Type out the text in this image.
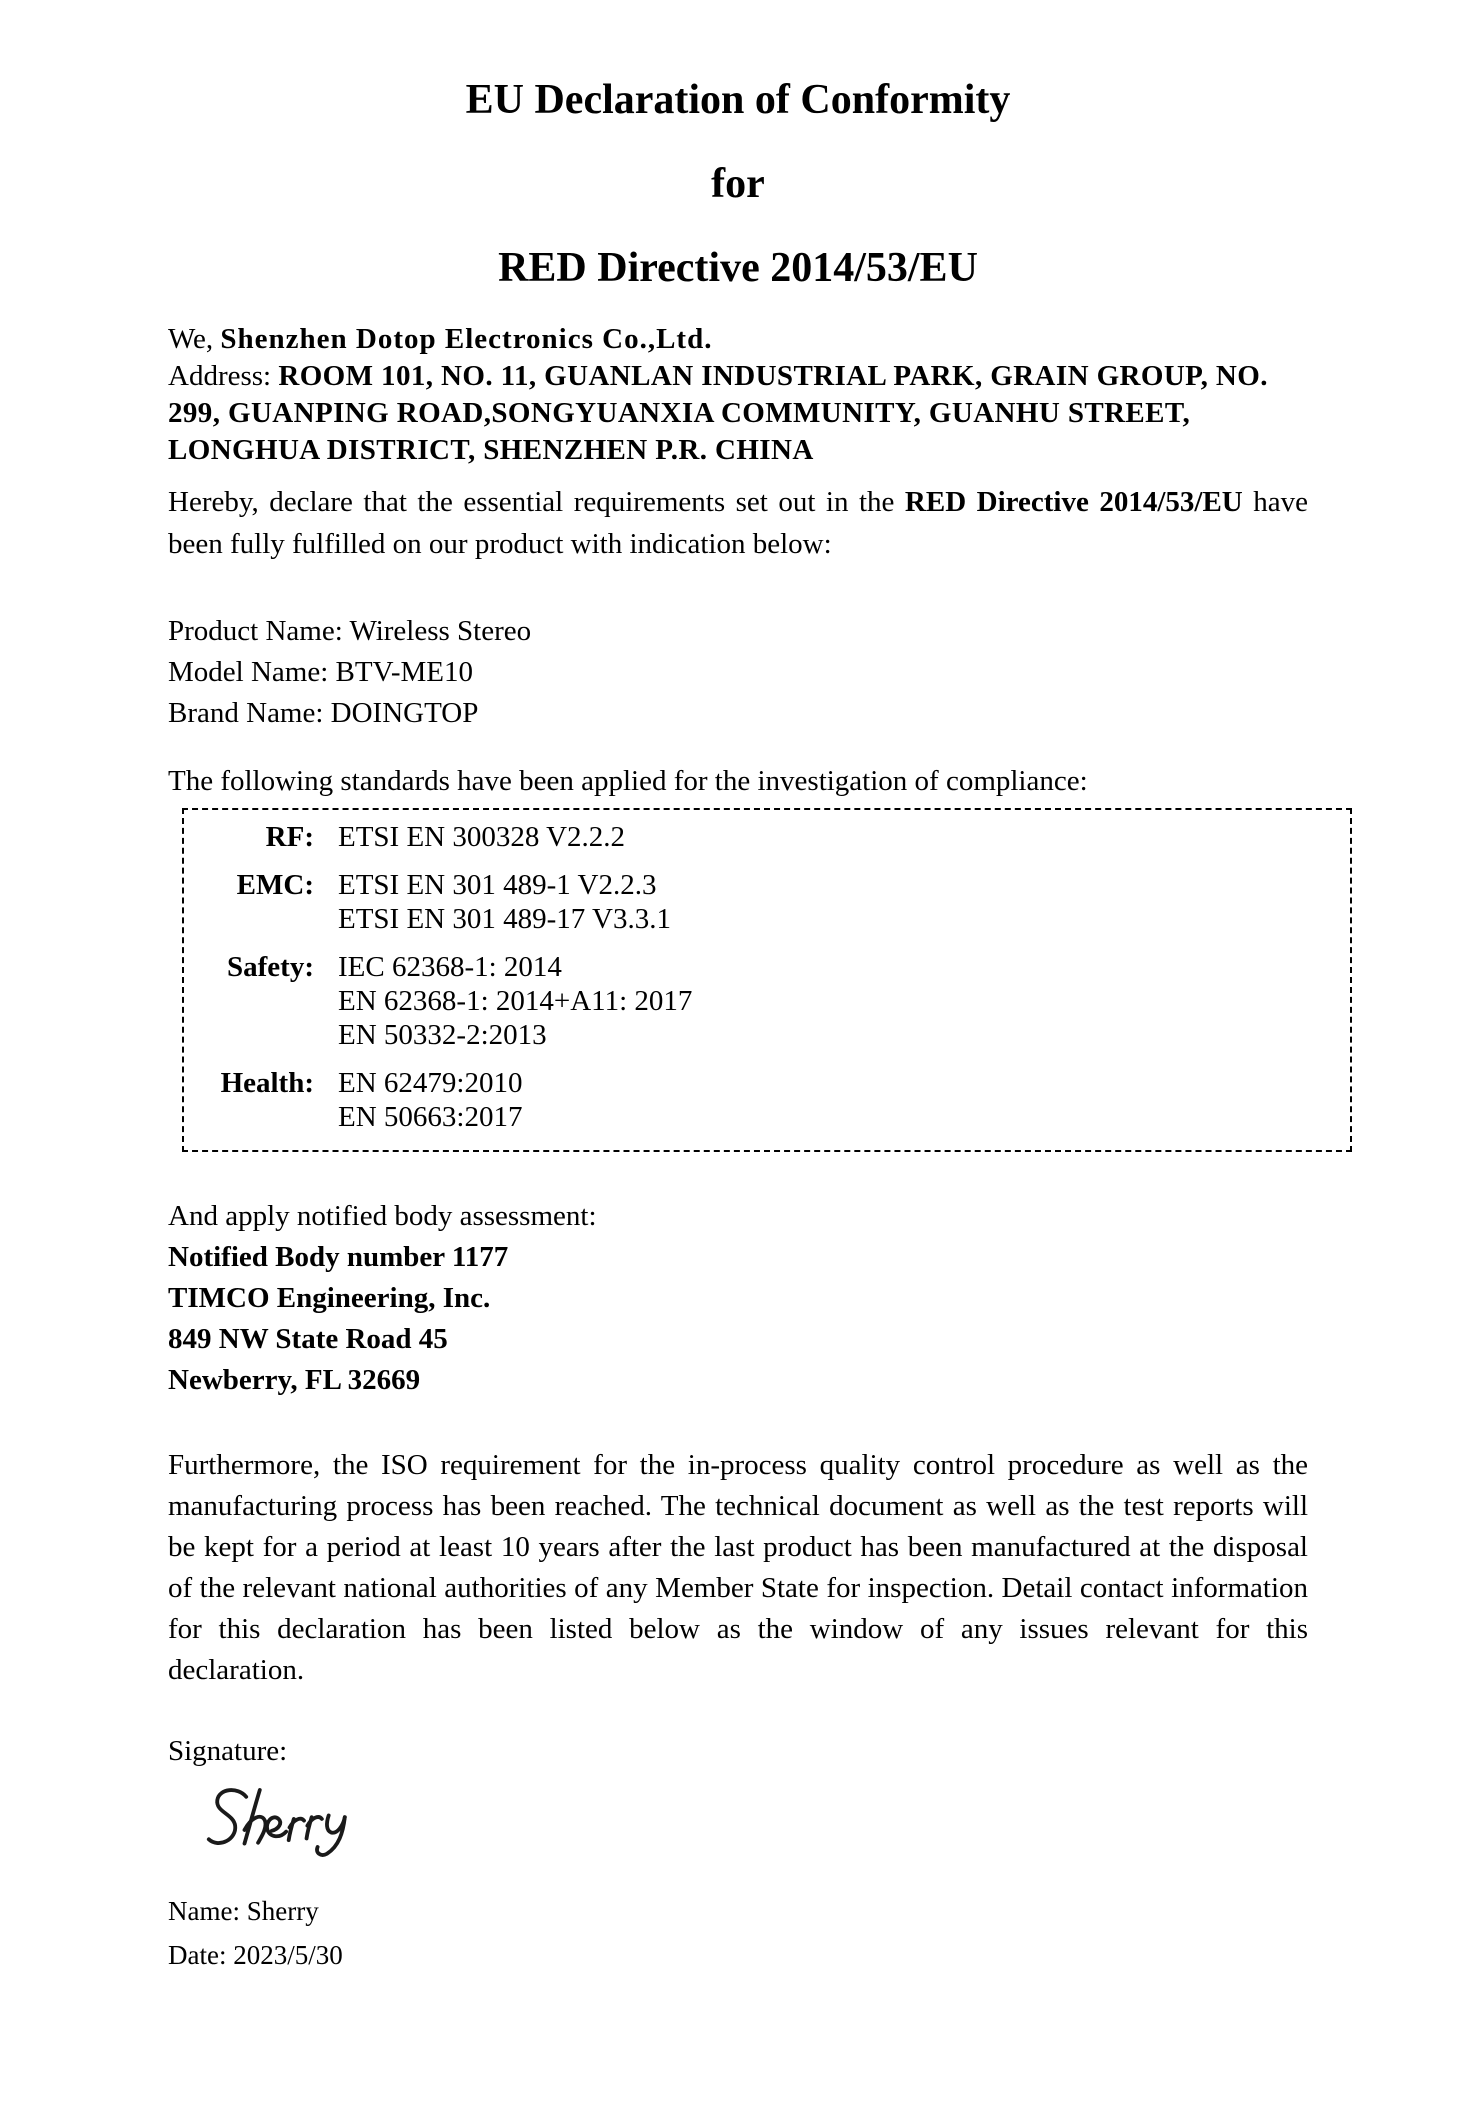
EU Declaration of Conformity
for
RED Directive 2014/53/EU
We, Shenzhen Dotop Electronics Co.,Ltd.
Address: ROOM 101, NO. 11, GUANLAN INDUSTRIAL PARK, GRAIN GROUP, NO. 299, GUANPING ROAD,SONGYUANXIA COMMUNITY, GUANHU STREET, LONGHUA DISTRICT, SHENZHEN P.R. CHINA

Hereby, declare that the essential requirements set out in the RED Directive 2014/53/EU have been fully fulfilled on our product with indication below:

Product Name: Wireless Stereo
Model Name: BTV-ME10
Brand Name: DOINGTOP
The following standards have been applied for the investigation of compliance:
RF: ETSI EN 300328 V2.2.2
EMC: ETSI EN 301 489-1 V2.2.3
ETSI EN 301 489-17 V3.3.1
Safety: IEC 62368-1: 2014
EN 62368-1: 2014+A11: 2017
EN 50332-2:2013
Health: EN 62479:2010
EN 50663:2017
And apply notified body assessment:
Notified Body number 1177
TIMCO Engineering, Inc.
849 NW State Road 45
Newberry, FL 32669

Furthermore, the ISO requirement for the in-process quality control procedure as well as the manufacturing process has been reached. The technical document as well as the test reports will be kept for a period at least 10 years after the last product has been manufactured at the disposal of the relevant national authorities of any Member State for inspection. Detail contact information for this declaration has been listed below as the window of any issues relevant for this declaration.

Signature:
Name: Sherry
Date: 2023/5/30
